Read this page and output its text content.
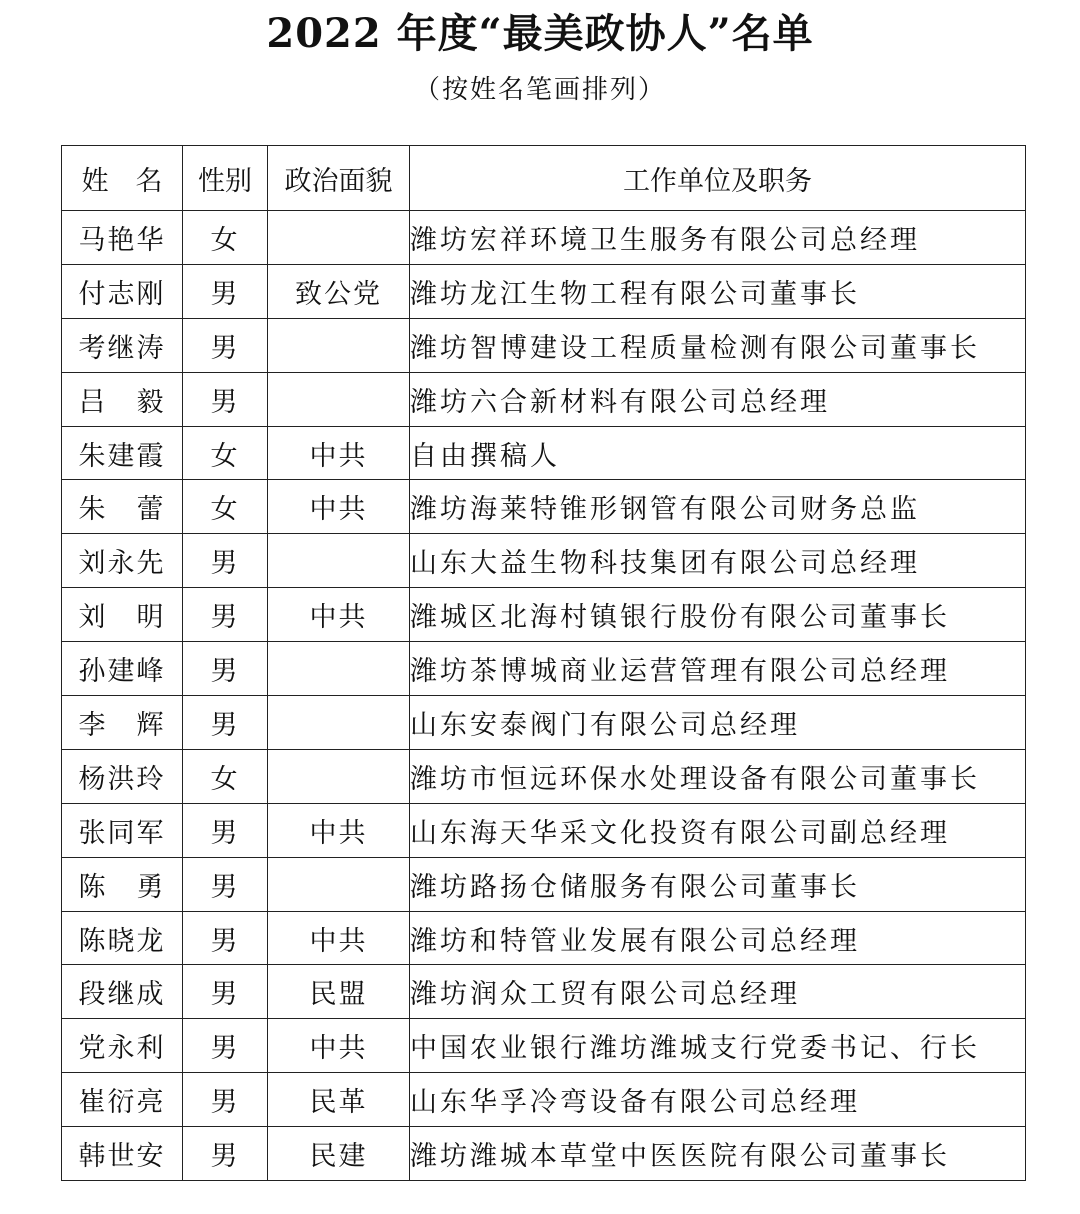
2022 年度“最美政协人”名单
（按姓名笔画排列）
姓　名	性别	政治面貌	工作单位及职务
马艳华	女		潍坊宏祥环境卫生服务有限公司总经理
付志刚	男	致公党	潍坊龙江生物工程有限公司董事长
考继涛	男		潍坊智博建设工程质量检测有限公司董事长
吕　毅	男		潍坊六合新材料有限公司总经理
朱建霞	女	中共	自由撰稿人
朱　蕾	女	中共	潍坊海莱特锥形钢管有限公司财务总监
刘永先	男		山东大益生物科技集团有限公司总经理
刘　明	男	中共	潍城区北海村镇银行股份有限公司董事长
孙建峰	男		潍坊茶博城商业运营管理有限公司总经理
李　辉	男		山东安泰阀门有限公司总经理
杨洪玲	女		潍坊市恒远环保水处理设备有限公司董事长
张同军	男	中共	山东海天华采文化投资有限公司副总经理
陈　勇	男		潍坊路扬仓储服务有限公司董事长
陈晓龙	男	中共	潍坊和特管业发展有限公司总经理
段继成	男	民盟	潍坊润众工贸有限公司总经理
党永利	男	中共	中国农业银行潍坊潍城支行党委书记、行长
崔衍亮	男	民革	山东华孚冷弯设备有限公司总经理
韩世安	男	民建	潍坊潍城本草堂中医医院有限公司董事长
